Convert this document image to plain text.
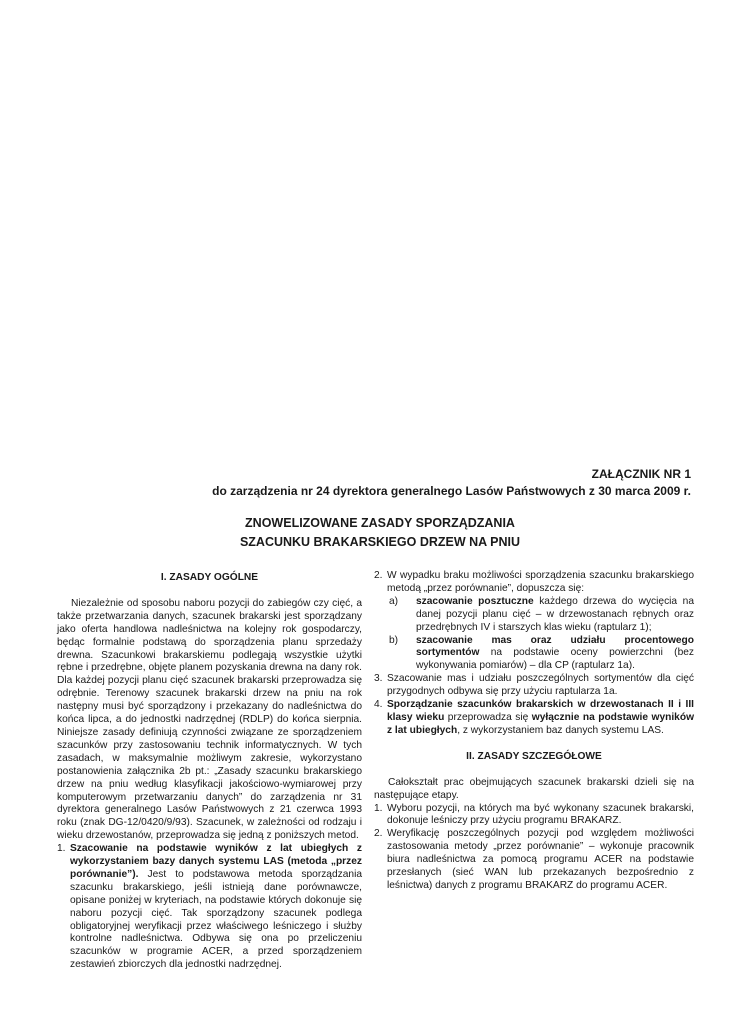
ZAŁĄCZNIK NR 1
do zarządzenia nr 24 dyrektora generalnego Lasów Państwowych z 30 marca 2009 r.
ZNOWELIZOWANE ZASADY SPORZĄDZANIA
SZACUNKU BRAKARSKIEGO DRZEW NA PNIU
I. ZASADY OGÓLNE

Niezależnie od sposobu naboru pozycji do zabiegów czy cięć, a także przetwarzania danych, szacunek brakarski jest sporządzany jako oferta handlowa nadleśnictwa na kolejny rok gospodarczy, będąc formalnie podstawą do sporządzenia planu sprzedaży drewna. Szacunkowi brakarskiemu podlegają wszystkie użytki rębne i przedrębne, objęte planem pozyskania drewna na dany rok. Dla każdej pozycji planu cięć szacunek brakarski przeprowadza się odrębnie. Terenowy szacunek brakarski drzew na pniu na rok następny musi być sporządzony i przekazany do nadleśnictwa do końca lipca, a do jednostki nadrzędnej (RDLP) do końca sierpnia. Niniejsze zasady definiują czynności związane ze sporządzeniem szacunków przy zastosowaniu technik informatycznych. W tych zasadach, w maksymalnie możliwym zakresie, wykorzystano postanowienia załącznika 2b pt.: „Zasady szacunku brakarskiego drzew na pniu według klasyfikacji jakościowo-wymiarowej przy komputerowym przetwarzaniu danych” do zarządzenia nr 31 dyrektora generalnego Lasów Państwowych z 21 czerwca 1993 roku (znak DG-12/0420/9/93). Szacunek, w zależności od rodzaju i wieku drzewostanów, przeprowadza się jedną z poniższych metod.

1. Szacowanie na podstawie wyników z lat ubiegłych z wykorzystaniem bazy danych systemu LAS (metoda „przez porównanie”). Jest to podstawowa metoda sporządzania szacunku brakarskiego, jeśli istnieją dane porównawcze, opisane poniżej w kryteriach, na podstawie których dokonuje się naboru pozycji cięć. Tak sporządzony szacunek podlega obligatoryjnej weryfikacji przez właściwego leśniczego i służby kontrolne nadleśnictwa. Odbywa się ona po przeliczeniu szacunków w programie ACER, a przed sporządzeniem zestawień zbiorczych dla jednostki nadrzędnej.
2. W wypadku braku możliwości sporządzenia szacunku brakarskiego metodą „przez porównanie”, dopuszcza się:
a) szacowanie posztuczne każdego drzewa do wycięcia na danej pozycji planu cięć – w drzewostanach rębnych oraz przedrębnych IV i starszych klas wieku (raptularz 1);
b) szacowanie mas oraz udziału procentowego sortymentów na podstawie oceny powierzchni (bez wykonywania pomiarów) – dla CP (raptularz 1a).
3. Szacowanie mas i udziału poszczególnych sortymentów dla cięć przygodnych odbywa się przy użyciu raptularza 1a.
4. Sporządzanie szacunków brakarskich w drzewostanach II i III klasy wieku przeprowadza się wyłącznie na podstawie wyników z lat ubiegłych, z wykorzystaniem baz danych systemu LAS.
II. ZASADY SZCZEGÓŁOWE

Całokształt prac obejmujących szacunek brakarski dzieli się na następujące etapy.

1. Wyboru pozycji, na których ma być wykonany szacunek brakarski, dokonuje leśniczy przy użyciu programu BRAKARZ.
2. Weryfikację poszczególnych pozycji pod względem możliwości zastosowania metody „przez porównanie” – wykonuje pracownik biura nadleśnictwa za pomocą programu ACER na podstawie przesłanych (sieć WAN lub przekazanych bezpośrednio z leśnictwa) danych z programu BRAKARZ do programu ACER.
